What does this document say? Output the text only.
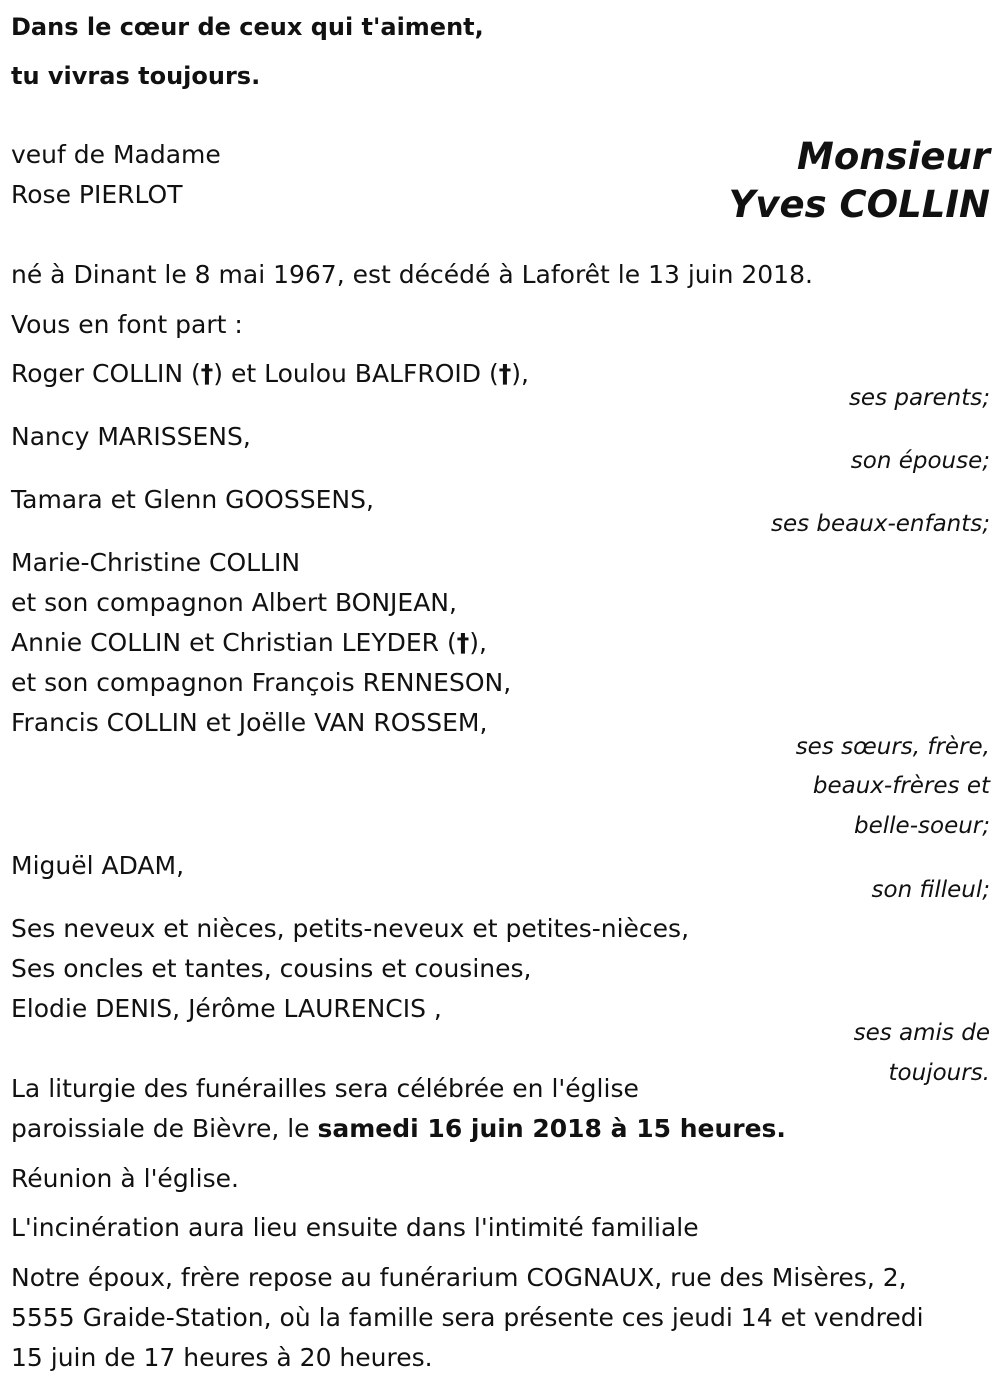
Dans le cœur de ceux qui t'aiment,
tu vivras toujours.
veuf de Madame
Rose PIERLOT
Monsieur
Yves COLLIN
né à Dinant le 8 mai 1967, est décédé à Laforêt le 13 juin 2018.
Vous en font part :
Roger COLLIN (†) et Loulou BALFROID (†),
ses parents;
Nancy MARISSENS,
son épouse;
Tamara et Glenn GOOSSENS,
ses beaux-enfants;
Marie-Christine COLLIN
et son compagnon Albert BONJEAN,
Annie COLLIN et Christian LEYDER (†),
et son compagnon François RENNESON,
Francis COLLIN et Joëlle VAN ROSSEM,
ses sœurs, frère,
beaux-frères et
belle-soeur;
Miguël ADAM,
son filleul;
Ses neveux et nièces, petits-neveux et petites-nièces,
Ses oncles et tantes, cousins et cousines,
Elodie DENIS, Jérôme LAURENCIS ,
ses amis de
toujours.
La liturgie des funérailles sera célébrée en l'église
paroissiale de Bièvre, le samedi 16 juin 2018 à 15 heures.
Réunion à l'église.
L'incinération aura lieu ensuite dans l'intimité familiale
Notre époux, frère repose au funérarium COGNAUX, rue des Misères, 2,
5555 Graide-Station, où la famille sera présente ces jeudi 14 et vendredi
15 juin de 17 heures à 20 heures.
